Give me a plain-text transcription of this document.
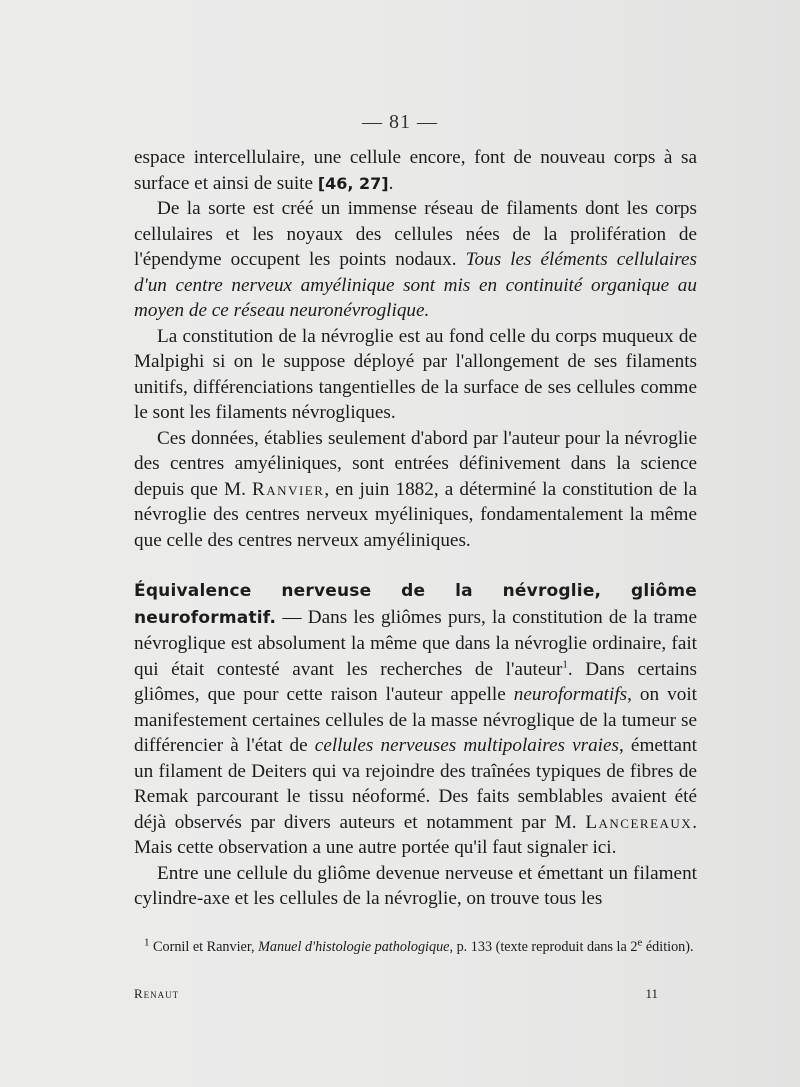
— 81 —

espace intercellulaire, une cellule encore, font de nouveau corps à sa surface et ainsi de suite [46, 27].

De la sorte est créé un immense réseau de filaments dont les corps cellulaires et les noyaux des cellules nées de la prolifération de l'épendyme occupent les points nodaux. Tous les éléments cellulaires d'un centre nerveux amyélinique sont mis en continuité organique au moyen de ce réseau neuronévroglique.

La constitution de la névroglie est au fond celle du corps muqueux de Malpighi si on le suppose déployé par l'allongement de ses filaments unitifs, différenciations tangentielles de la surface de ses cellules comme le sont les filaments névrogliques.

Ces données, établies seulement d'abord par l'auteur pour la névroglie des centres amyéliniques, sont entrées définivement dans la science depuis que M. Ranvier, en juin 1882, a déterminé la constitution de la névroglie des centres nerveux myéliniques, fondamentalement la même que celle des centres nerveux amyéliniques.

Équivalence nerveuse de la névroglie, gliôme neuroformatif. — Dans les gliômes purs, la constitution de la trame névroglique est absolument la même que dans la névroglie ordinaire, fait qui était contesté avant les recherches de l'auteur$^1$. Dans certains gliômes, que pour cette raison l'auteur appelle neuroformatifs, on voit manifestement certaines cellules de la masse névroglique de la tumeur se différencier à l'état de cellules nerveuses multipolaires vraies, émettant un filament de Deiters qui va rejoindre des traînées typiques de fibres de Remak parcourant le tissu néoformé. Des faits semblables avaient été déjà observés par divers auteurs et notamment par M. Lancereaux. Mais cette observation a une autre portée qu'il faut signaler ici.

Entre une cellule du gliôme devenue nerveuse et émettant un filament cylindre-axe et les cellules de la névroglie, on trouve tous les

$^1$ Cornil et Ranvier, Manuel d'histologie pathologique, p. 133 (texte reproduit dans la 2e édition).

Renaut	11
